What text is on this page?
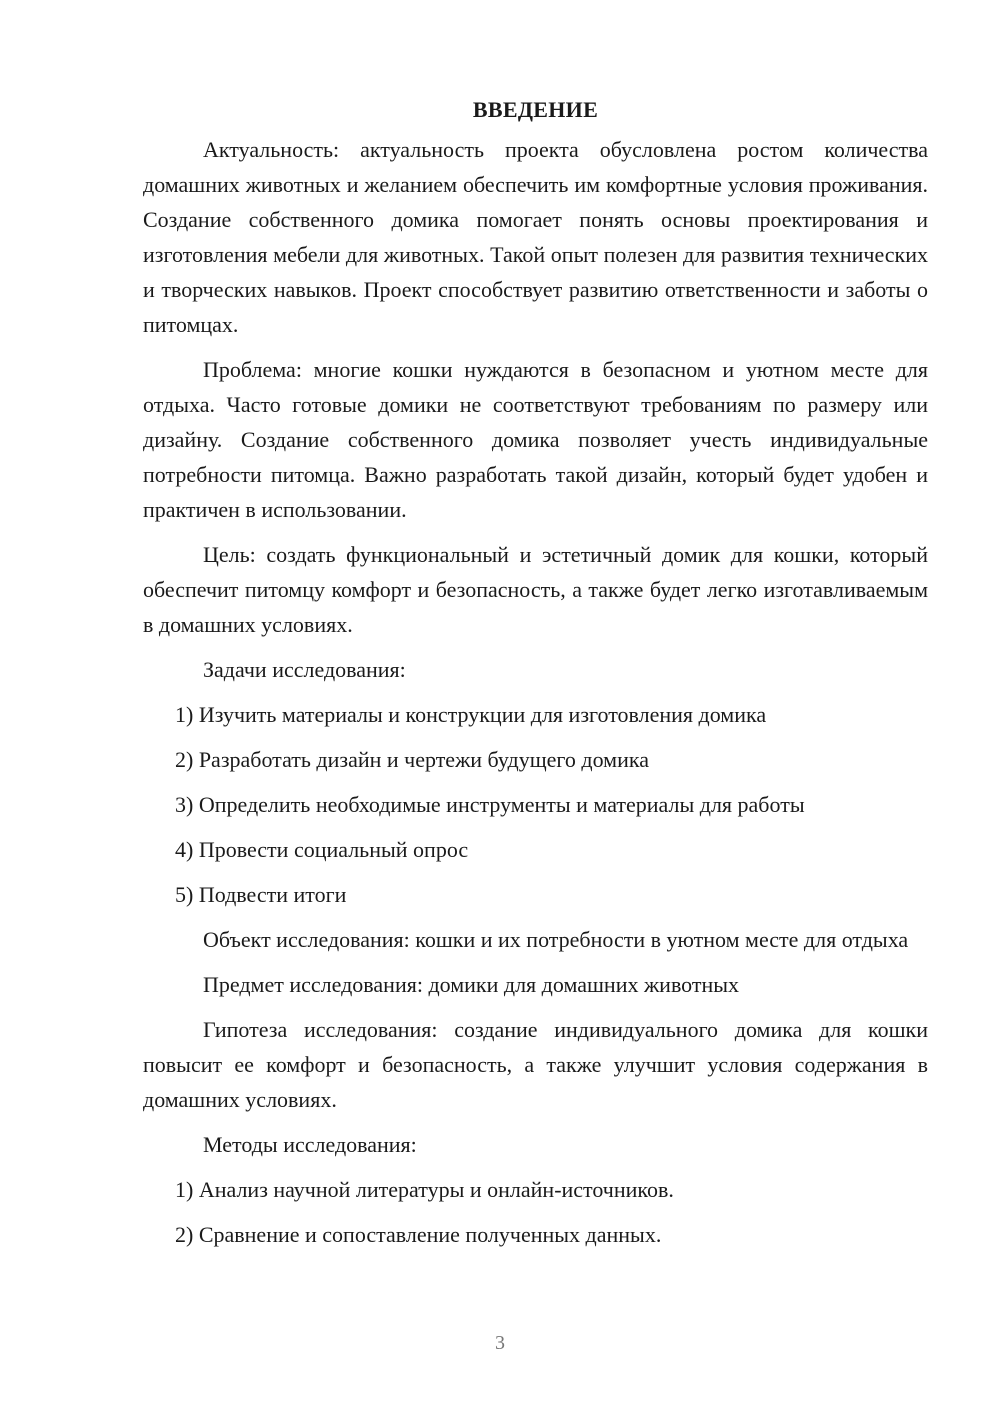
ВВЕДЕНИЕ

Актуальность: актуальность проекта обусловлена ростом количества домашних животных и желанием обеспечить им комфортные условия проживания. Создание собственного домика помогает понять основы проектирования и изготовления мебели для животных. Такой опыт полезен для развития технических и творческих навыков. Проект способствует развитию ответственности и заботы о питомцах.

Проблема: многие кошки нуждаются в безопасном и уютном месте для отдыха. Часто готовые домики не соответствуют требованиям по размеру или дизайну. Создание собственного домика позволяет учесть индивидуальные потребности питомца. Важно разработать такой дизайн, который будет удобен и практичен в использовании.

Цель: создать функциональный и эстетичный домик для кошки, который обеспечит питомцу комфорт и безопасность, а также будет легко изготавливаемым в домашних условиях.

Задачи исследования:

1) Изучить материалы и конструкции для изготовления домика
2) Разработать дизайн и чертежи будущего домика
3) Определить необходимые инструменты и материалы для работы
4) Провести социальный опрос
5) Подвести итоги

Объект исследования: кошки и их потребности в уютном месте для отдыха

Предмет исследования: домики для домашних животных

Гипотеза исследования: создание индивидуального домика для кошки повысит ее комфорт и безопасность, а также улучшит условия содержания в домашних условиях.

Методы исследования:

1) Анализ научной литературы и онлайн-источников.
2) Сравнение и сопоставление полученных данных.
3
